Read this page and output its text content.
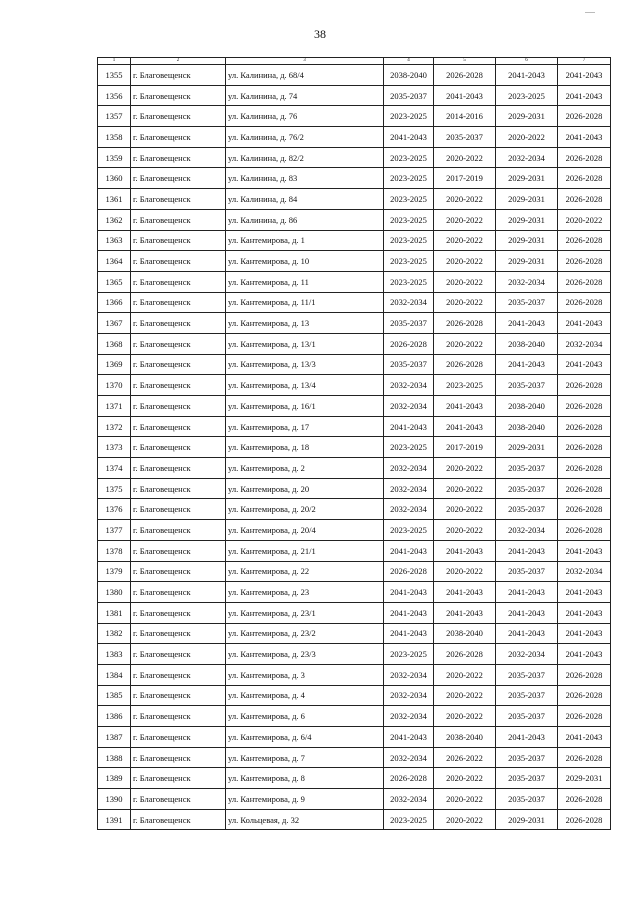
38
1	2	3	4	5	6	7
1355	г. Благовещенск	ул. Калинина, д. 68/4	2038-2040	2026-2028	2041-2043	2041-2043
1356	г. Благовещенск	ул. Калинина, д. 74	2035-2037	2041-2043	2023-2025	2041-2043
1357	г. Благовещенск	ул. Калинина, д. 76	2023-2025	2014-2016	2029-2031	2026-2028
1358	г. Благовещенск	ул. Калинина, д. 76/2	2041-2043	2035-2037	2020-2022	2041-2043
1359	г. Благовещенск	ул. Калинина, д. 82/2	2023-2025	2020-2022	2032-2034	2026-2028
1360	г. Благовещенск	ул. Калинина, д. 83	2023-2025	2017-2019	2029-2031	2026-2028
1361	г. Благовещенск	ул. Калинина, д. 84	2023-2025	2020-2022	2029-2031	2026-2028
1362	г. Благовещенск	ул. Калинина, д. 86	2023-2025	2020-2022	2029-2031	2020-2022
1363	г. Благовещенск	ул. Кантемирова, д. 1	2023-2025	2020-2022	2029-2031	2026-2028
1364	г. Благовещенск	ул. Кантемирова, д. 10	2023-2025	2020-2022	2029-2031	2026-2028
1365	г. Благовещенск	ул. Кантемирова, д. 11	2023-2025	2020-2022	2032-2034	2026-2028
1366	г. Благовещенск	ул. Кантемирова, д. 11/1	2032-2034	2020-2022	2035-2037	2026-2028
1367	г. Благовещенск	ул. Кантемирова, д. 13	2035-2037	2026-2028	2041-2043	2041-2043
1368	г. Благовещенск	ул. Кантемирова, д. 13/1	2026-2028	2020-2022	2038-2040	2032-2034
1369	г. Благовещенск	ул. Кантемирова, д. 13/3	2035-2037	2026-2028	2041-2043	2041-2043
1370	г. Благовещенск	ул. Кантемирова, д. 13/4	2032-2034	2023-2025	2035-2037	2026-2028
1371	г. Благовещенск	ул. Кантемирова, д. 16/1	2032-2034	2041-2043	2038-2040	2026-2028
1372	г. Благовещенск	ул. Кантемирова, д. 17	2041-2043	2041-2043	2038-2040	2026-2028
1373	г. Благовещенск	ул. Кантемирова, д. 18	2023-2025	2017-2019	2029-2031	2026-2028
1374	г. Благовещенск	ул. Кантемирова, д. 2	2032-2034	2020-2022	2035-2037	2026-2028
1375	г. Благовещенск	ул. Кантемирова, д. 20	2032-2034	2020-2022	2035-2037	2026-2028
1376	г. Благовещенск	ул. Кантемирова, д. 20/2	2032-2034	2020-2022	2035-2037	2026-2028
1377	г. Благовещенск	ул. Кантемирова, д. 20/4	2023-2025	2020-2022	2032-2034	2026-2028
1378	г. Благовещенск	ул. Кантемирова, д. 21/1	2041-2043	2041-2043	2041-2043	2041-2043
1379	г. Благовещенск	ул. Кантемирова, д. 22	2026-2028	2020-2022	2035-2037	2032-2034
1380	г. Благовещенск	ул. Кантемирова, д. 23	2041-2043	2041-2043	2041-2043	2041-2043
1381	г. Благовещенск	ул. Кантемирова, д. 23/1	2041-2043	2041-2043	2041-2043	2041-2043
1382	г. Благовещенск	ул. Кантемирова, д. 23/2	2041-2043	2038-2040	2041-2043	2041-2043
1383	г. Благовещенск	ул. Кантемирова, д. 23/3	2023-2025	2026-2028	2032-2034	2041-2043
1384	г. Благовещенск	ул. Кантемирова, д. 3	2032-2034	2020-2022	2035-2037	2026-2028
1385	г. Благовещенск	ул. Кантемирова, д. 4	2032-2034	2020-2022	2035-2037	2026-2028
1386	г. Благовещенск	ул. Кантемирова, д. 6	2032-2034	2020-2022	2035-2037	2026-2028
1387	г. Благовещенск	ул. Кантемирова, д. 6/4	2041-2043	2038-2040	2041-2043	2041-2043
1388	г. Благовещенск	ул. Кантемирова, д. 7	2032-2034	2026-2022	2035-2037	2026-2028
1389	г. Благовещенск	ул. Кантемирова, д. 8	2026-2028	2020-2022	2035-2037	2029-2031
1390	г. Благовещенск	ул. Кантемирова, д. 9	2032-2034	2020-2022	2035-2037	2026-2028
1391	г. Благовещенск	ул. Кольцевая, д. 32	2023-2025	2020-2022	2029-2031	2026-2028
